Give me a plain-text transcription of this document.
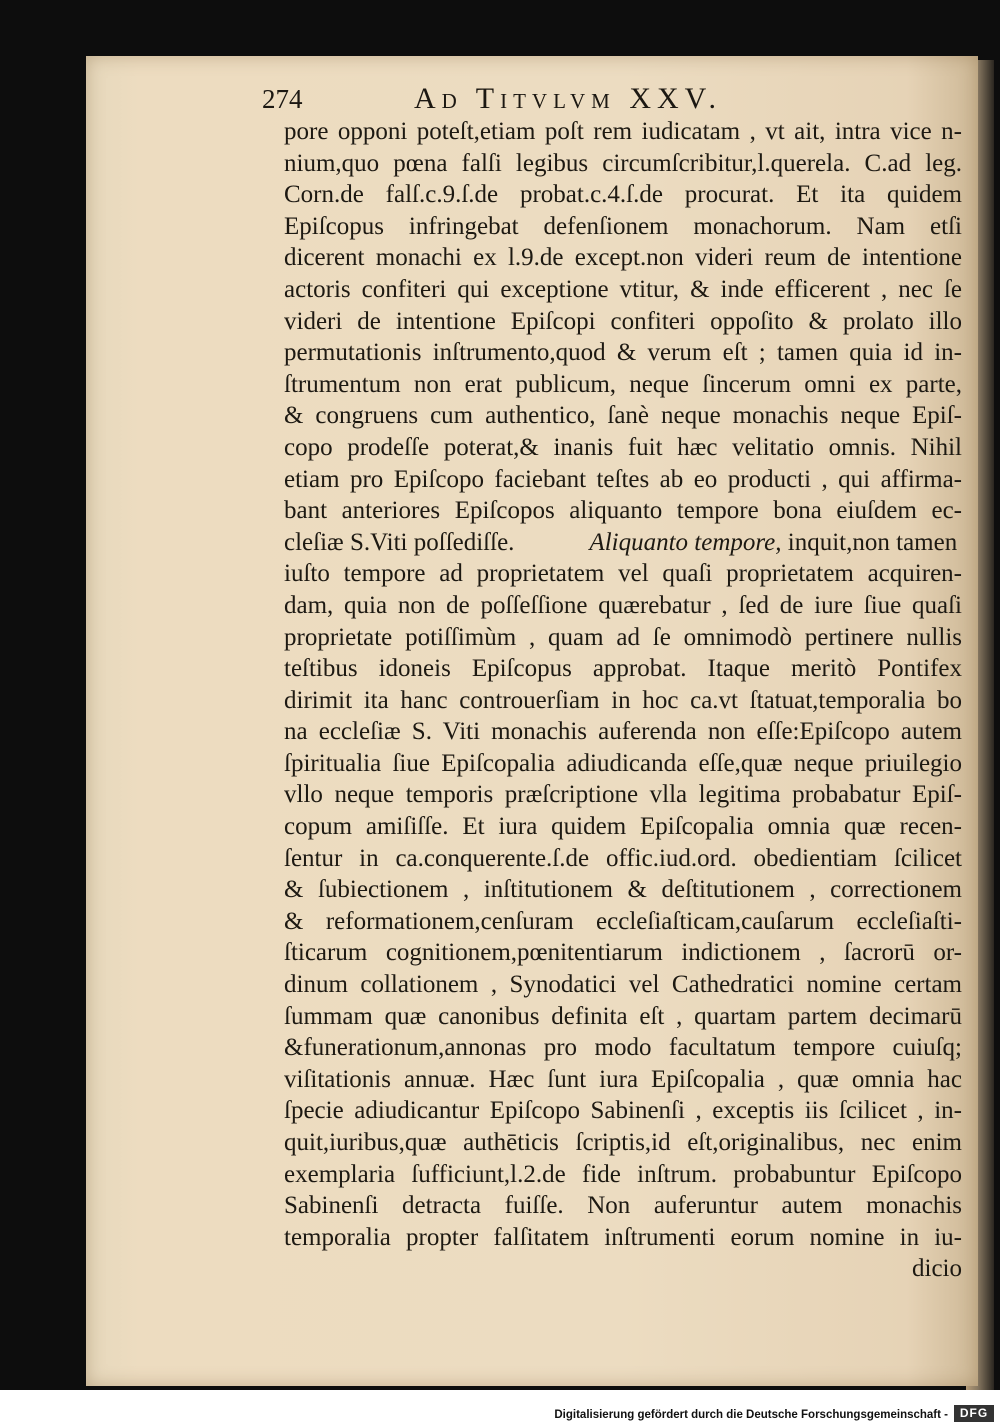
274	Ad Titvlvm XXV.
pore opponi poteſt,etiam poſt rem iudicatam , vt ait, intra vice n-
nium,quo pœna falſi legibus circumſcribitur,l.querela. C.ad leg.
Corn.de falſ.c.9.ſ.de probat.c.4.ſ.de procurat. Et ita quidem
Epiſcopus infringebat defenſionem monachorum. Nam etſi
dicerent monachi ex l.9.de except.non videri reum de intentione
actoris confiteri qui exceptione vtitur, & inde efficerent , nec ſe
videri de intentione Epiſcopi confiteri oppoſito & prolato illo
permutationis inſtrumento,quod & verum eſt ; tamen quia id in-
ſtrumentum non erat publicum, neque ſincerum omni ex parte,
& congruens cum authentico, ſanè neque monachis neque Epiſ-
copo prodeſſe poterat,& inanis fuit hæc velitatio omnis. Nihil
etiam pro Epiſcopo faciebant teſtes ab eo producti , qui affirma-
bant anteriores Epiſcopos aliquanto tempore bona eiuſdem ec-
cleſiæ S.Viti poſſediſſe.	Aliquanto tempore, inquit,non tamen
iuſto tempore ad proprietatem vel quaſi proprietatem acquiren-
dam, quia non de poſſeſſione quærebatur , ſed de iure ſiue quaſi
proprietate potiſſimùm , quam ad ſe omnimodò pertinere nullis
teſtibus idoneis Epiſcopus approbat. Itaque meritò Pontifex
dirimit ita hanc controuerſiam in hoc ca.vt ſtatuat,temporalia bo
na eccleſiæ S. Viti monachis auferenda non eſſe:Epiſcopo autem
ſpiritualia ſiue Epiſcopalia adiudicanda eſſe,quæ neque priuilegio
vllo neque temporis præſcriptione vlla legitima probabatur Epiſ-
copum amiſiſſe. Et iura quidem Epiſcopalia omnia quæ recen-
ſentur in ca.conquerente.ſ.de offic.iud.ord. obedientiam ſcilicet
& ſubiectionem , inſtitutionem & deſtitutionem , correctionem
& reformationem,cenſuram eccleſiaſticam,cauſarum eccleſiaſti-
ſticarum cognitionem,pœnitentiarum indictionem , ſacrorū or-
dinum collationem , Synodatici vel Cathedratici nomine certam
ſummam quæ canonibus definita eſt , quartam partem decimarū
&funerationum,annonas pro modo facultatum tempore cuiuſq;
viſitationis annuæ. Hæc ſunt iura Epiſcopalia , quæ omnia hac
ſpecie adiudicantur Epiſcopo Sabinenſi , exceptis iis ſcilicet , in-
quit,iuribus,quæ authēticis ſcriptis,id eſt,originalibus, nec enim
exemplaria ſufficiunt,l.2.de fide inſtrum. probabuntur Epiſcopo
Sabinenſi detracta fuiſſe. Non auferuntur autem monachis
temporalia propter falſitatem inſtrumenti eorum nomine in iu-
dicio
Digitalisierung gefördert durch die Deutsche Forschungsgemeinschaft - DFG
